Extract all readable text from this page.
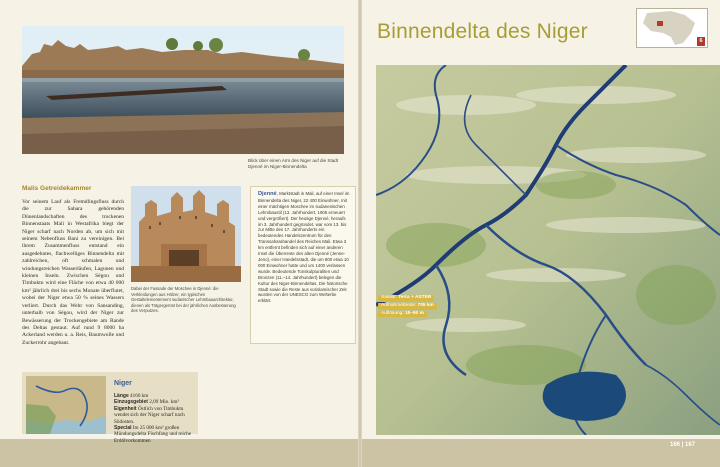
Blick über einen Arm des Niger auf die Stadt Djenné im Niger-Binnendelta
Malis Getreidekammer
Vor seinem Lauf als Fremdlingsfluss durch die zur Sahara gehörenden Dünenlandschaften des trockenen Binnenstaats Mali in Westafrika biegt der Niger scharf nach Norden ab, um sich mit seinem Nebenfluss Bani zu vereinigen. Bei ihrem Zusammenfluss entstand ein ausgedehntes, flachwelliges Binnendelta mit zahlreichen, oft schmalen und windungsreichen Wasserläufen, Lagunen und kleinen Inseln. Zwischen Ségou und Timbuktu wird eine Fläche von etwa 40 000 km² jährlich drei bis sechs Monate überflutet, wobei der Niger etwa 50 % seines Wassers verliert. Durch das Wehr von Sansanding, unterhalb von Ségou, wird der Niger zur Bewässerung der Trockengebiete am Rande des Deltas gestaut. Auf rund 9 8000 ha Ackerland werden u. a. Reis, Baumwolle und Zuckerrohr angebaut.
Dabei der Fassade der Moschee in Djenné: die Verkleidungen aus Hölzer, ein typisches Gestaltelementement sudanischer Lehmbauarchitektur, dienen als Trägergerüst bei der jährlichen Ausbesserung des Verputzes.
Niger
Länge 4160 km
Einzugsgebiet 2,09 Mio. km²
Eigenheit Östlich von Timbuktu wendet sich der Niger scharf nach Südosten.
Special Im 25 000 km² großen Mündungsdelta Fischfang und reiche Erdölvorkommen
Binnendelta des Niger	6
Satellit: Terra + ASTER
Aufnahmebreite: 705 km
Auflösung: 15–90 m
Djenné, Marktstadt in Mali, auf einer Insel im Binnendelta des Niger, 22 400 Einwohner, mit einer mächtigen Moschee im sudanesischen Lehmbaustil (13. Jahrhundert, 1905 erneuert und vergrößert). Der heutige Djenné, heraufs im 3. Jahrhundert gegründet, war vom 13. bis zur Mitte des 17. Jahrhunderts ein bedeutendes Handelszentrum für den Transsaharahandel des Reiches Mali. Etwa 3 km entfernt befinden sich auf einer anderen Insel die Überreste des alten Djenné (Jenne-Jeno), einer Handelsstadt, die um 800 etwa 10 000 Einwohner hatte und um 1400 verlassen wurde. Bedeutende Tonskulpturaliten und Bronzen (11.–14. Jahrhundert) belegen die Kultur des Niger-Binnendeltas. Die historische Stadt sowie die Reste aus vorislamischer Zeit wurden von der UNESCO zum Welterbe erklärt.
166 | 167
